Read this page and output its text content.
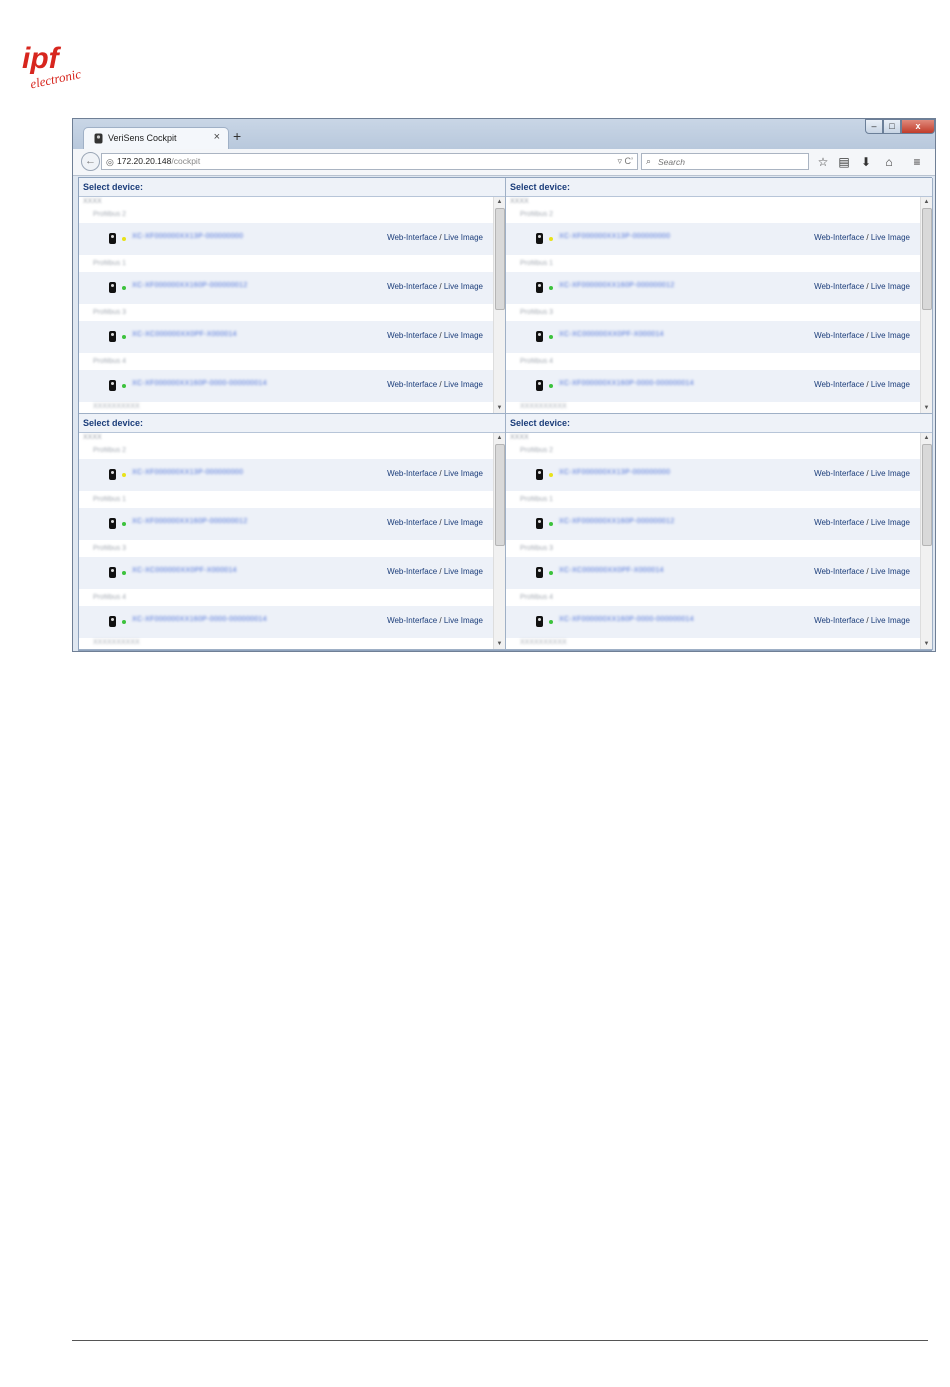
ipf
electronic
VeriSens Cockpit	× +
–	□	x
←	◎ 172.20.20.148/cockpit	▿ C’ ⌕
Search	☆ ▤ ⬇	⌂	≡
Select device:
XXXX
Profilbus 2
XC-XF000000XX13P-000000000	Web-Interface / Live Image
Profilbus 1
XC-XF000000XX160P-000000012	Web-Interface / Live Image
Profilbus 3
XC-XC000000XX0PF-X000014	Web-Interface / Live Image
Profilbus 4
XC-XF000000XX160P-0000-000000014	Web-Interface / Live Image
XXXXXXXXXX
▲
▼
Select device:
XXXX
Profilbus 2
XC-XF000000XX13P-000000000	Web-Interface / Live Image
Profilbus 1
XC-XF000000XX160P-000000012	Web-Interface / Live Image
Profilbus 3
XC-XC000000XX0PF-X000014	Web-Interface / Live Image
Profilbus 4
XC-XF000000XX160P-0000-000000014	Web-Interface / Live Image
XXXXXXXXXX
▲
▼
Select device:
XXXX
Profilbus 2
XC-XF000000XX13P-000000000	Web-Interface / Live Image
Profilbus 1
XC-XF000000XX160P-000000012	Web-Interface / Live Image
Profilbus 3
XC-XC000000XX0PF-X000014	Web-Interface / Live Image
Profilbus 4
XC-XF000000XX160P-0000-000000014	Web-Interface / Live Image
XXXXXXXXXX
▲
▼
Select device:
XXXX
Profilbus 2
XC-XF000000XX13P-000000000	Web-Interface / Live Image
Profilbus 1
XC-XF000000XX160P-000000012	Web-Interface / Live Image
Profilbus 3
XC-XC000000XX0PF-X000014	Web-Interface / Live Image
Profilbus 4
XC-XF000000XX160P-0000-000000014	Web-Interface / Live Image
XXXXXXXXXX
▲
▼
